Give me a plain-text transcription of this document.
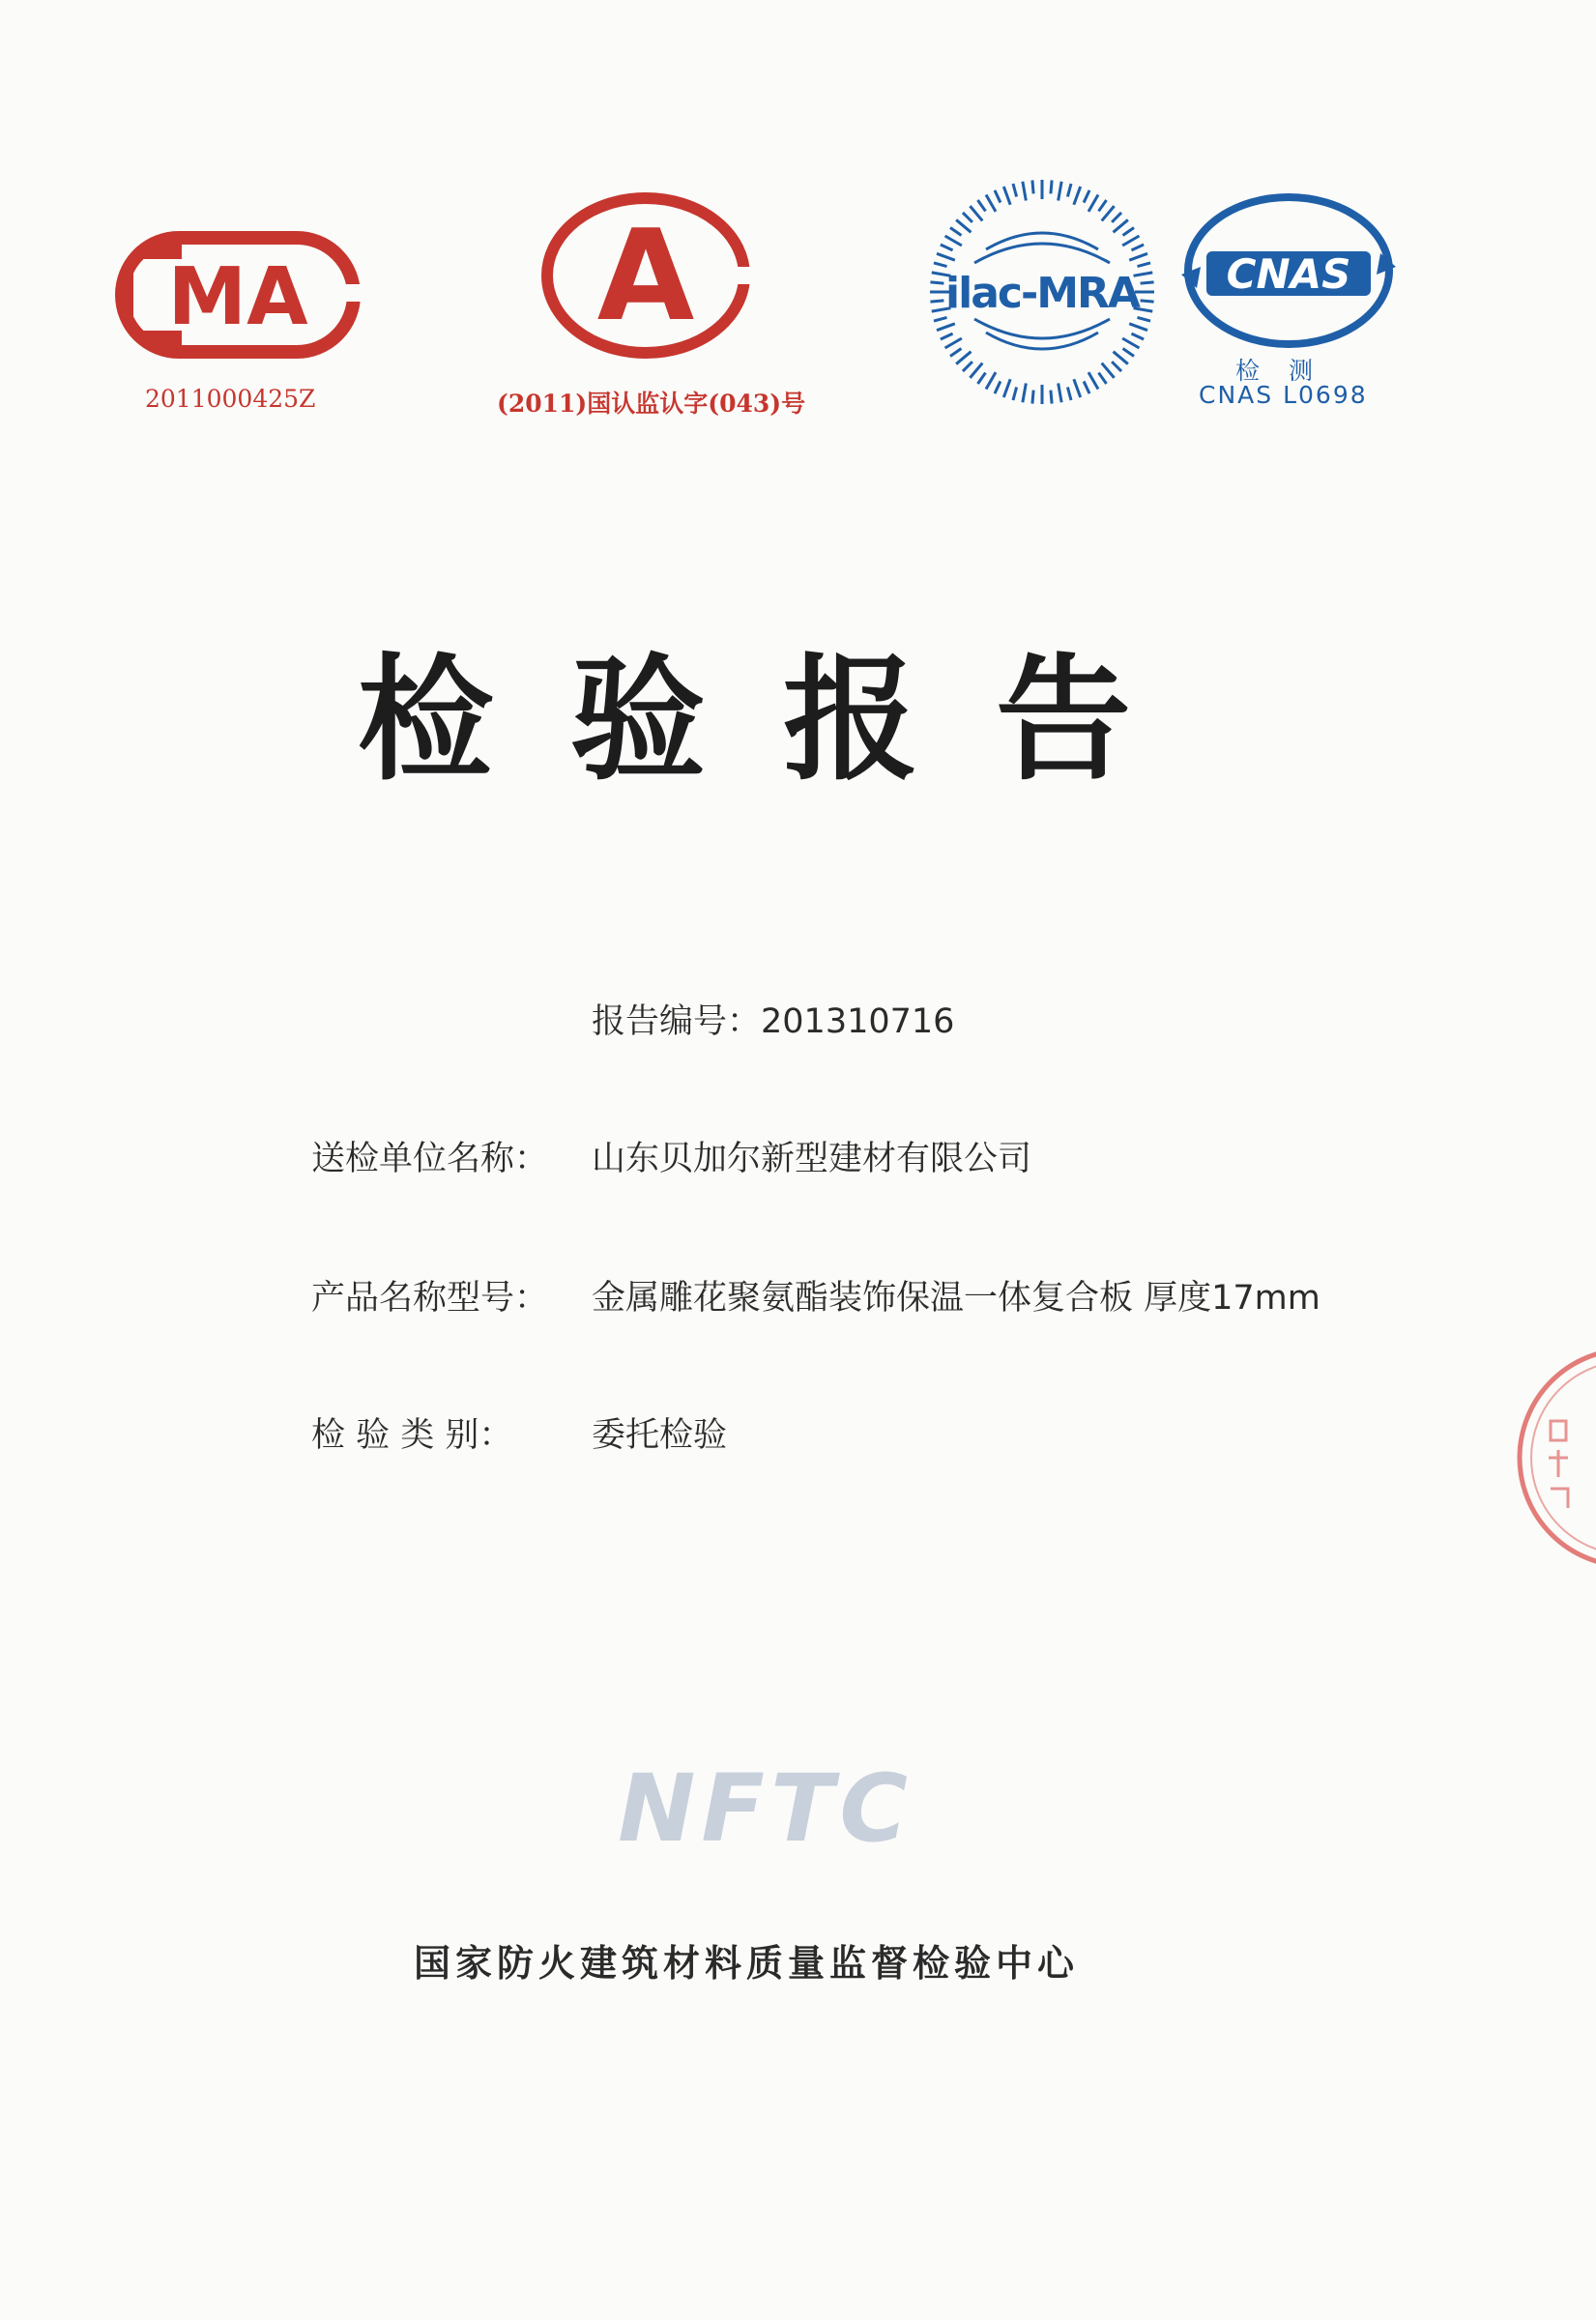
MA
2011000425Z
A
(2011)国认监认字(043)号
ilac-MRA CNAS
检测
CNAS L0698
检验报告
报告编号：201310716
送检单位名称： 山东贝加尔新型建材有限公司
产品名称型号： 金属雕花聚氨酯装饰保温一体复合板 厚度17mm
检 验 类 别： 委托检验
NFTC
国家防火建筑材料质量监督检验中心
